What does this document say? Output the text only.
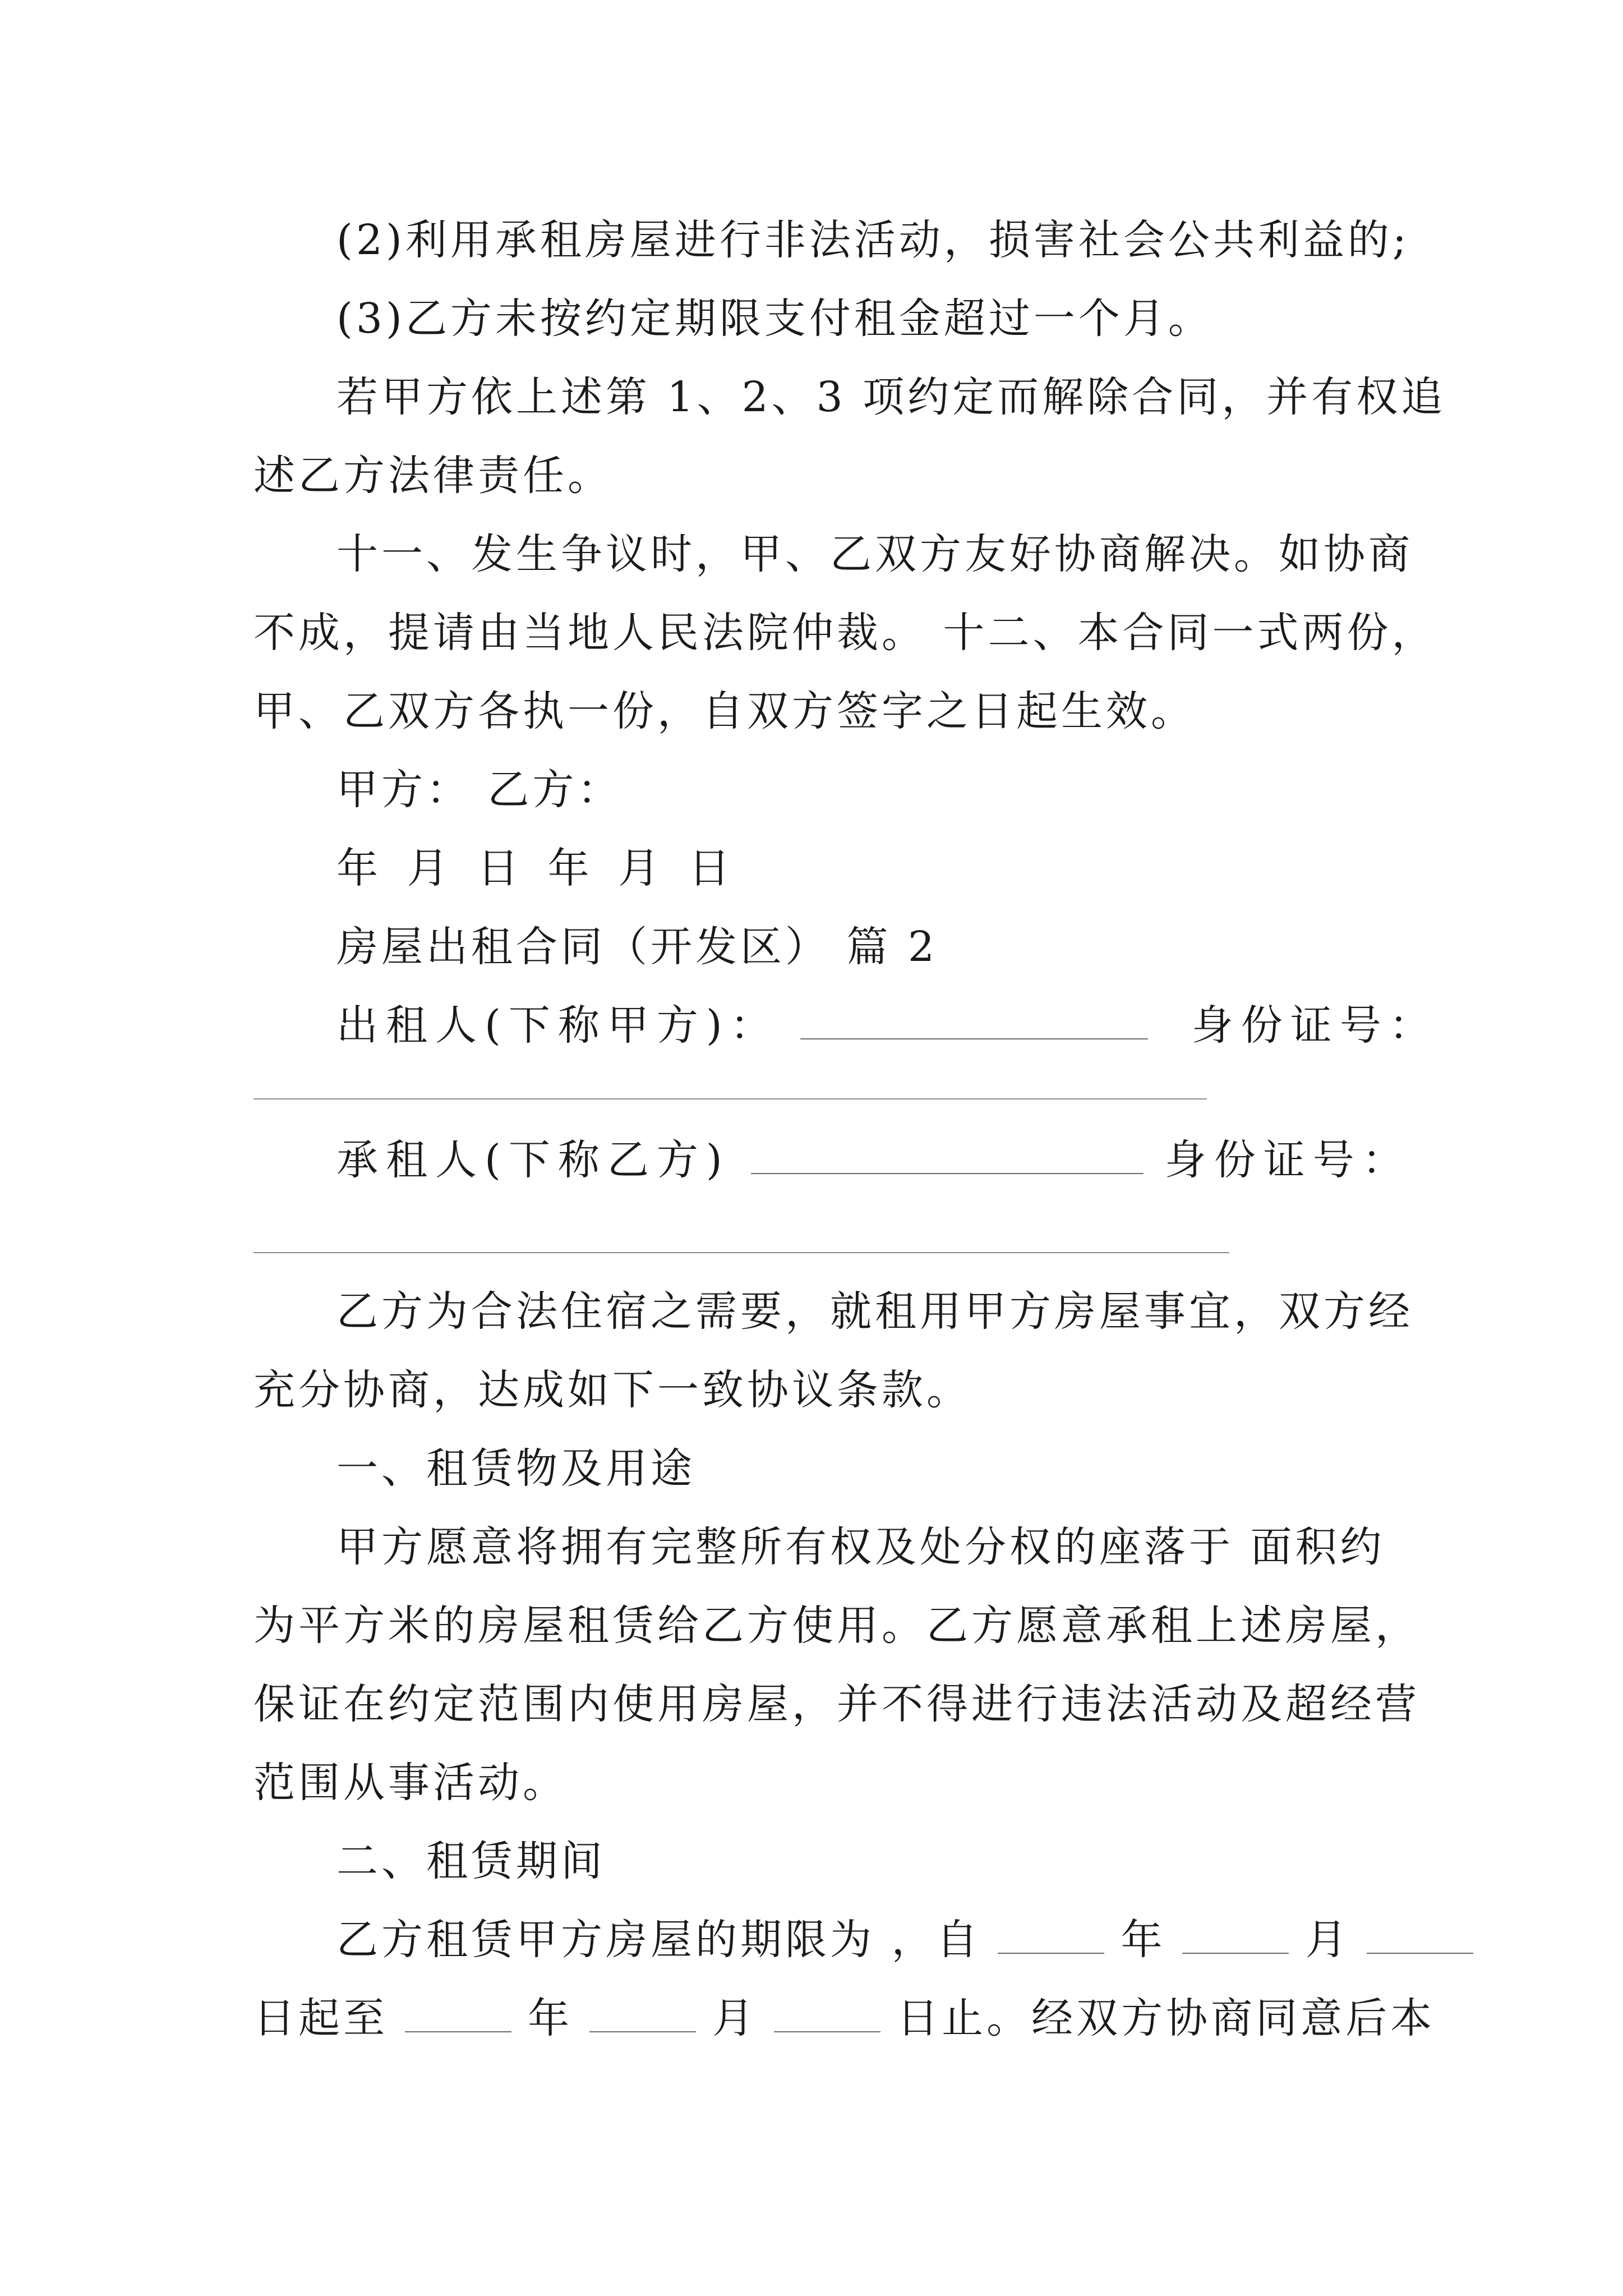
(2)利用承租房屋进行非法活动，损害社会公共利益的;
(3)乙方未按约定期限支付租金超过一个月。
若甲方依上述第 1、2、3 项约定而解除合同，并有权追
述乙方法律责任。
十一、发生争议时，甲、乙双方友好协商解决。如协商
不成，提请由当地人民法院仲裁。 十二、本合同一式两份，
甲、乙双方各执一份，自双方签字之日起生效。
甲方： 乙方：
年 月 日 年 月 日
房屋出租合同（开发区） 篇 2
出租人(下称甲方)：	身份证号：
承租人(下称乙方)	身份证号：
乙方为合法住宿之需要，就租用甲方房屋事宜，双方经
充分协商，达成如下一致协议条款。
一、租赁物及用途
甲方愿意将拥有完整所有权及处分权的座落于 面积约
为平方米的房屋租赁给乙方使用。乙方愿意承租上述房屋，
保证在约定范围内使用房屋，并不得进行违法活动及超经营
范围从事活动。
二、租赁期间
乙方租赁甲方房屋的期限为 ，自	年	月
日起至	年	月	日止。经双方协商同意后本
